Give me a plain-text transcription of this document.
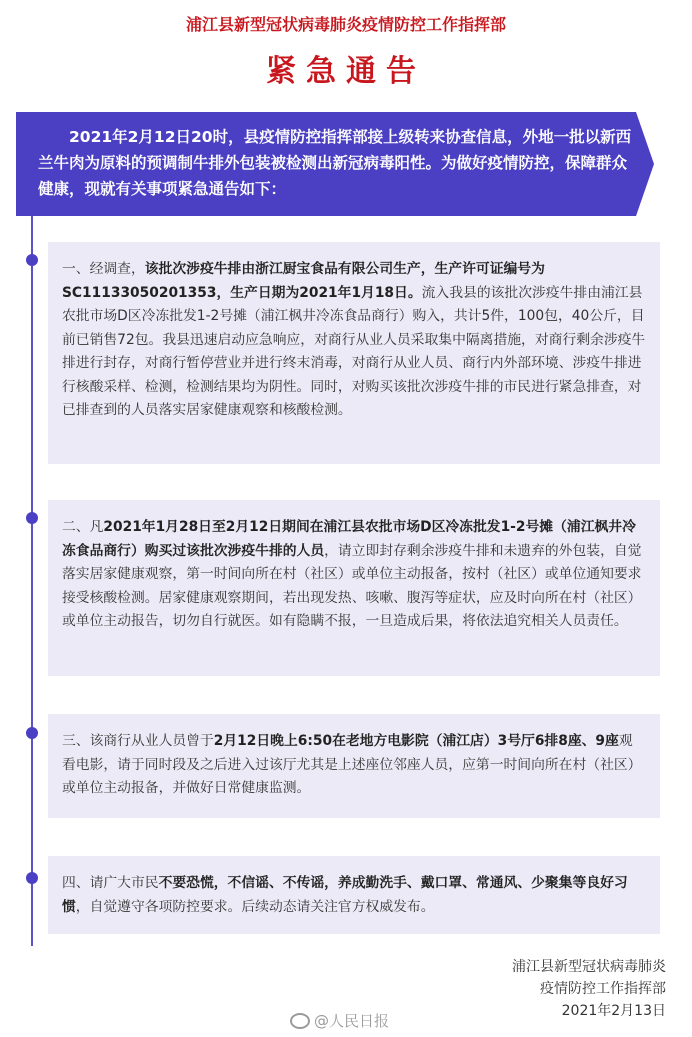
浦江县新型冠状病毒肺炎疫情防控工作指挥部
紧急通告
2021年2月12日20时，县疫情防控指挥部接上级转来协查信息，外地一批以新西兰牛肉为原料的预调制牛排外包装被检测出新冠病毒阳性。为做好疫情防控，保障群众健康，现就有关事项紧急通告如下：
一、经调查，该批次涉疫牛排由浙江厨宝食品有限公司生产，生产许可证编号为SC11133050201353，生产日期为2021年1月18日。流入我县的该批次涉疫牛排由浦江县农批市场D区冷冻批发1-2号摊（浦江枫井冷冻食品商行）购入，共计5件，100包，40公斤，目前已销售72包。我县迅速启动应急响应，对商行从业人员采取集中隔离措施，对商行剩余涉疫牛排进行封存，对商行暂停营业并进行终末消毒，对商行从业人员、商行内外部环境、涉疫牛排进行核酸采样、检测，检测结果均为阴性。同时，对购买该批次涉疫牛排的市民进行紧急排查，对已排查到的人员落实居家健康观察和核酸检测。
二、凡2021年1月28日至2月12日期间在浦江县农批市场D区冷冻批发1-2号摊（浦江枫井冷冻食品商行）购买过该批次涉疫牛排的人员，请立即封存剩余涉疫牛排和未遗弃的外包装，自觉落实居家健康观察，第一时间向所在村（社区）或单位主动报备，按村（社区）或单位通知要求接受核酸检测。居家健康观察期间，若出现发热、咳嗽、腹泻等症状，应及时向所在村（社区）或单位主动报告，切勿自行就医。如有隐瞒不报，一旦造成后果，将依法追究相关人员责任。
三、该商行从业人员曾于2月12日晚上6:50在老地方电影院（浦江店）3号厅6排8座、9座观看电影，请于同时段及之后进入过该厅尤其是上述座位邻座人员，应第一时间向所在村（社区）或单位主动报备，并做好日常健康监测。
四、请广大市民不要恐慌，不信谣、不传谣，养成勤洗手、戴口罩、常通风、少聚集等良好习惯，自觉遵守各项防控要求。后续动态请关注官方权威发布。
浦江县新型冠状病毒肺炎
疫情防控工作指挥部
2021年2月13日
@人民日报
